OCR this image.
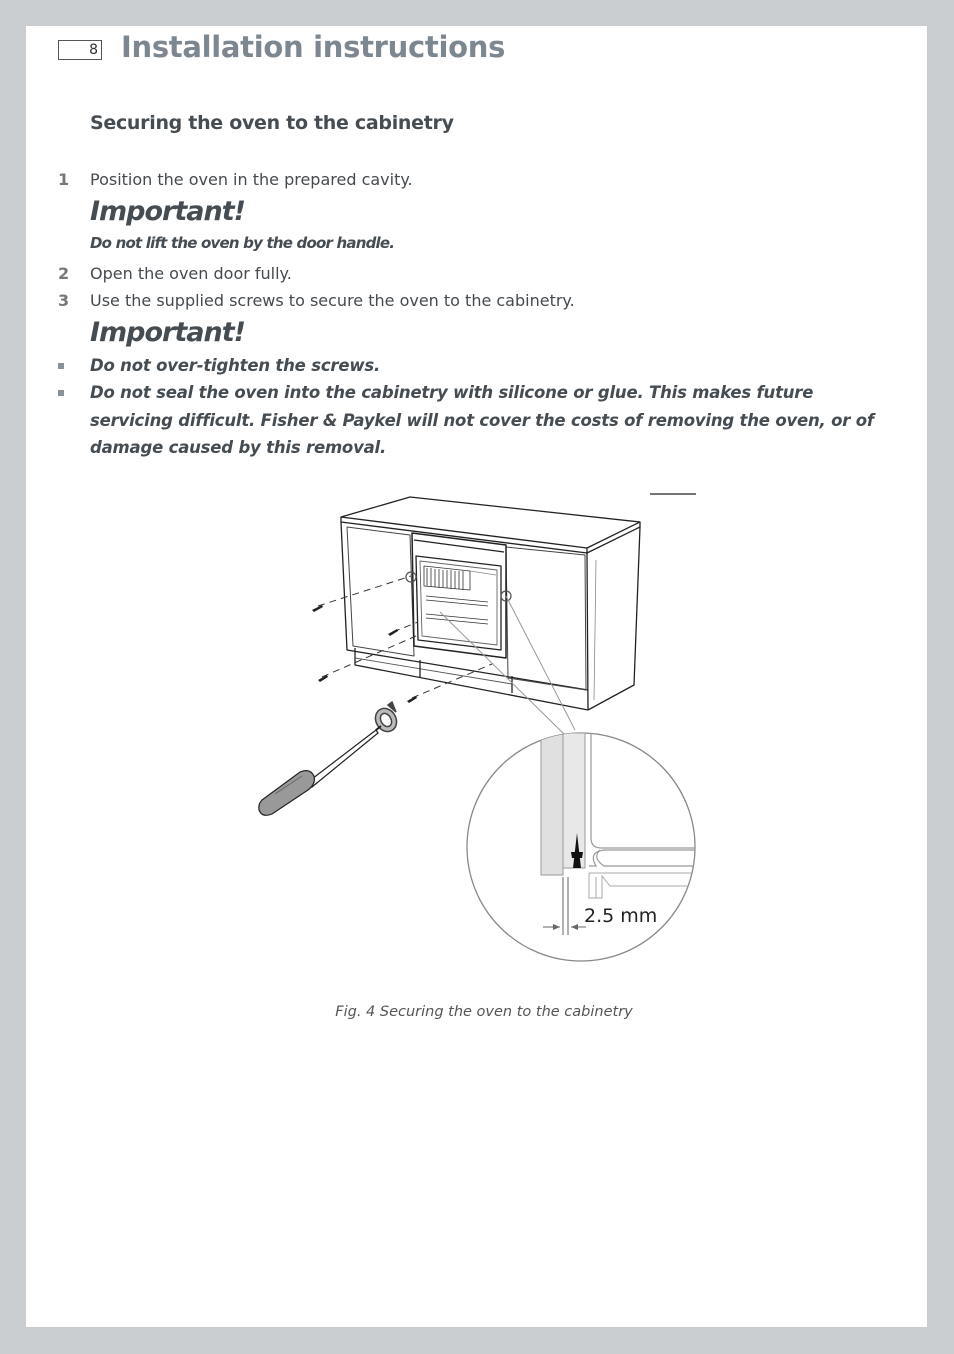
8 Installation instructions
Securing the oven to the cabinetry
1 Position the oven in the prepared cavity.
Important!
Do not lift the oven by the door handle.
2 Open the oven door fully.
3 Use the supplied screws to secure the oven to the cabinetry.
Important!
Do not over-tighten the screws.
Do not seal the oven into the cabinetry with silicone or glue. This makes future servicing difficult. Fisher & Paykel will not cover the costs of removing the oven, or of damage caused by this removal.
2.5 mm
Fig. 4 Securing the oven to the cabinetry
